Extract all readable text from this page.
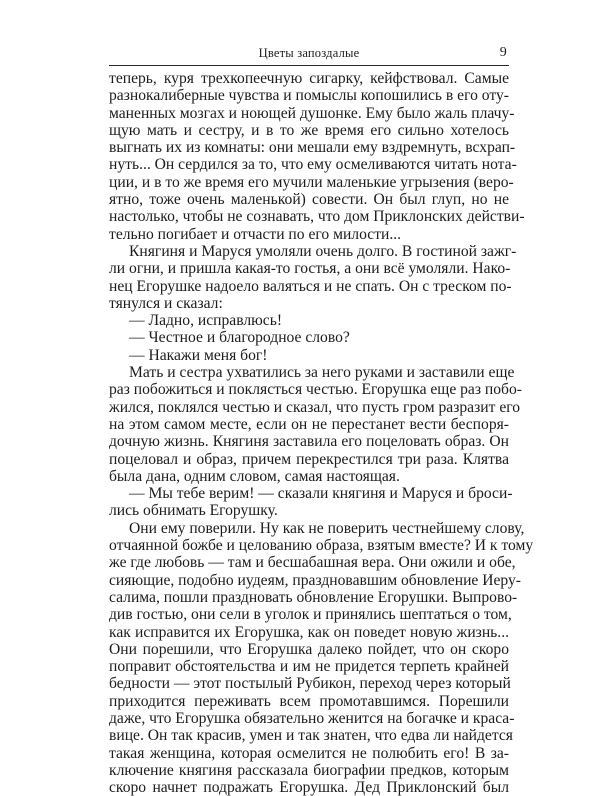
Цветы запоздалые	9
теперь, куря трехкопеечную сигарку, кейфствовал. Самые
разнокалиберные чувства и помыслы копошились в его оту-
маненных мозгах и ноющей душонке. Ему было жаль плачу-
щую мать и сестру, и в то же время его сильно хотелось
выгнать их из комнаты: они мешали ему вздремнуть, всхрап-
нуть... Он сердился за то, что ему осмеливаются читать нота-
ции, и в то же время его мучили маленькие угрызения (веро-
ятно, тоже очень маленькой) совести. Он был глуп, но не
настолько, чтобы не сознавать, что дом Приклонских действи-
тельно погибает и отчасти по его милости...
Княгиня и Маруся умоляли очень долго. В гостиной зажг-
ли огни, и пришла какая-то гостья, а они всё умоляли. Нако-
нец Егорушке надоело валяться и не спать. Он с треском по-
тянулся и сказал:
— Ладно, исправлюсь!
— Честное и благородное слово?
— Накажи меня бог!
Мать и сестра ухватились за него руками и заставили еще
раз побожиться и поклясться честью. Егорушка еще раз побо-
жился, поклялся честью и сказал, что пусть гром разразит его
на этом самом месте, если он не перестанет вести беспоря-
дочную жизнь. Княгиня заставила его поцеловать образ. Он
поцеловал и образ, причем перекрестился три раза. Клятва
была дана, одним словом, самая настоящая.
— Мы тебе верим! — сказали княгиня и Маруся и броси-
лись обнимать Егорушку.
Они ему поверили. Ну как не поверить честнейшему слову,
отчаянной божбе и целованию образа, взятым вместе? И к тому
же где любовь — там и бесшабашная вера. Они ожили и обе,
сияющие, подобно иудеям, праздновавшим обновление Иеру-
салима, пошли праздновать обновление Егорушки. Выпрово-
див гостью, они сели в уголок и принялись шептаться о том,
как исправится их Егорушка, как он поведет новую жизнь...
Они порешили, что Егорушка далеко пойдет, что он скоро
поправит обстоятельства и им не придется терпеть крайней
бедности — этот постылый Рубикон, переход через который
приходится переживать всем промотавшимся. Порешили
даже, что Егорушка обязательно женится на богачке и краса-
вице. Он так красив, умен и так знатен, что едва ли найдется
такая женщина, которая осмелится не полюбить его! В за-
ключение княгиня рассказала биографии предков, которым
скоро начнет подражать Егорушка. Дед Приклонский был
